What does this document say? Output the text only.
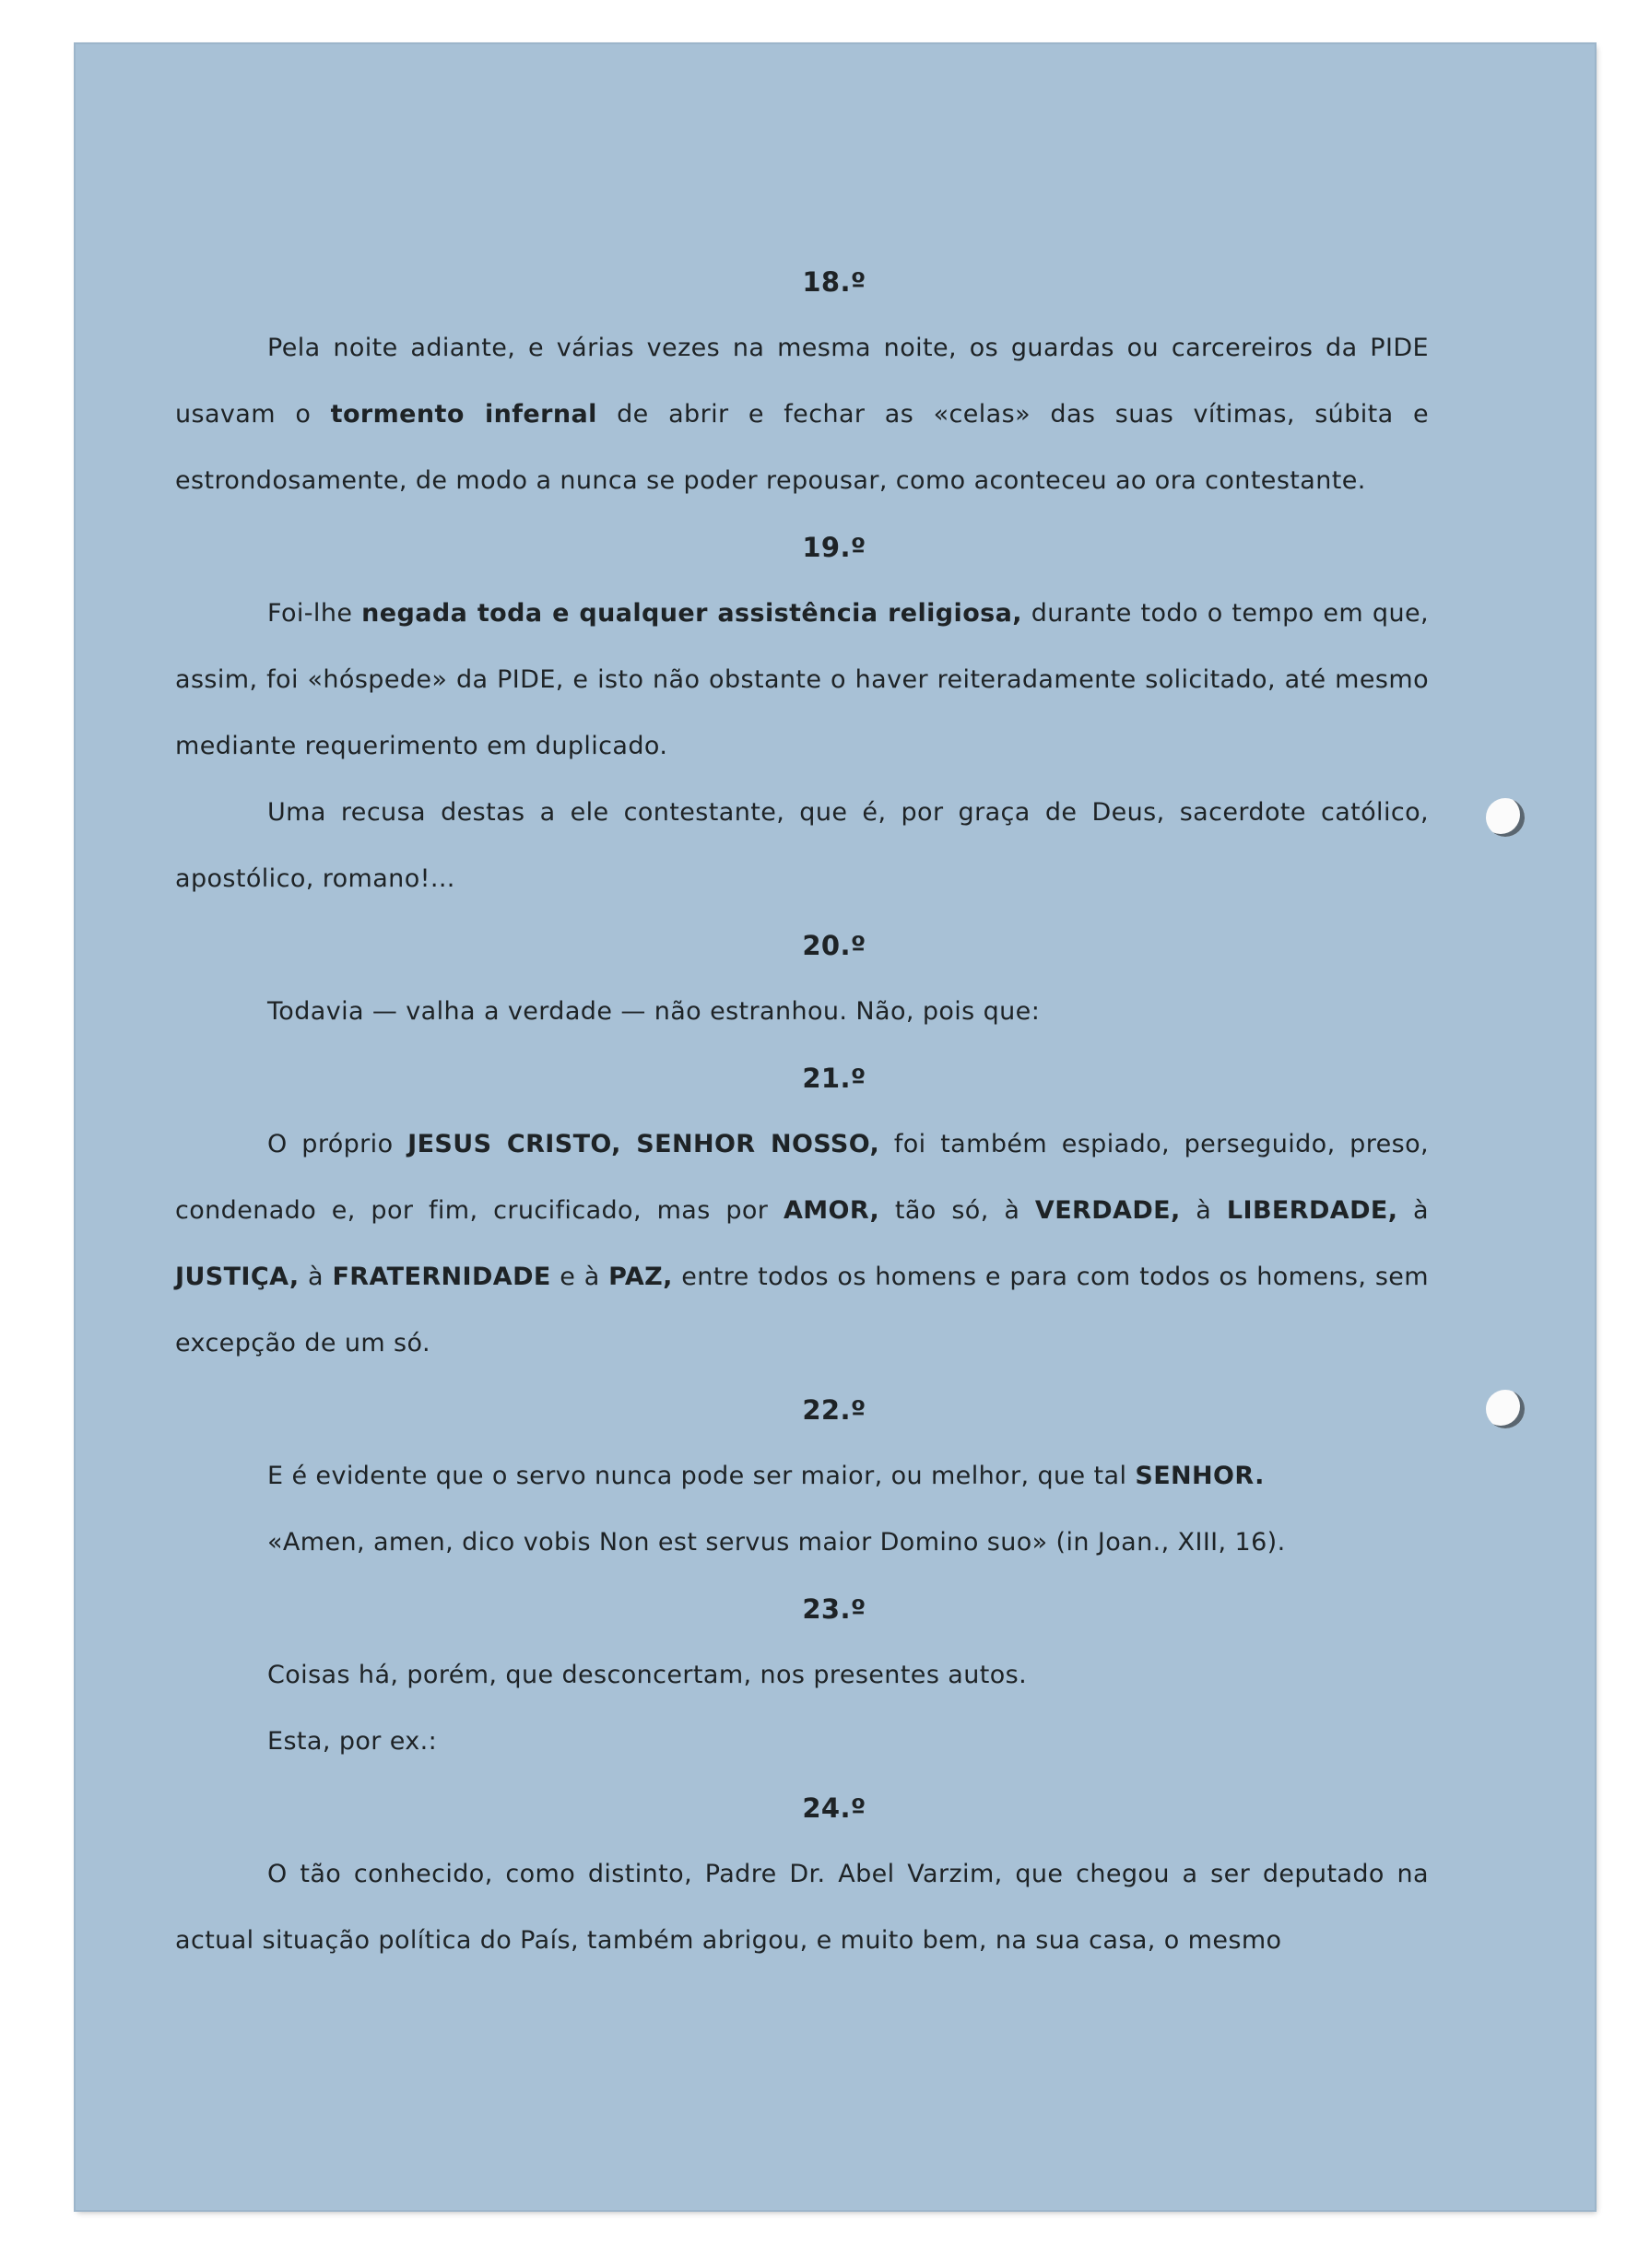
18.º

Pela noite adiante, e várias vezes na mesma noite, os guardas ou carcereiros da PIDE usavam o tormento infernal de abrir e fechar as «celas» das suas vítimas, súbita e estrondosamente, de modo a nunca se poder repousar, como aconteceu ao ora contestante.

19.º

Foi-lhe negada toda e qualquer assistência religiosa, durante todo o tempo em que, assim, foi «hóspede» da PIDE, e isto não obstante o haver reiteradamente solicitado, até mesmo mediante requerimento em duplicado.

Uma recusa destas a ele contestante, que é, por graça de Deus, sacerdote católico, apostólico, romano!...

20.º

Todavia — valha a verdade — não estranhou. Não, pois que:

21.º

O próprio JESUS CRISTO, SENHOR NOSSO, foi também espiado, perseguido, preso, condenado e, por fim, crucificado, mas por AMOR, tão só, à VERDADE, à LIBERDADE, à JUSTIÇA, à FRATERNIDADE e à PAZ, entre todos os homens e para com todos os homens, sem excepção de um só.

22.º

E é evidente que o servo nunca pode ser maior, ou melhor, que tal SENHOR.

«Amen, amen, dico vobis Non est servus maior Domino suo» (in Joan., XIII, 16).

23.º

Coisas há, porém, que desconcertam, nos presentes autos.

Esta, por ex.:

24.º

O tão conhecido, como distinto, Padre Dr. Abel Varzim, que chegou a ser deputado na actual situação política do País, também abrigou, e muito bem, na sua casa, o mesmo
